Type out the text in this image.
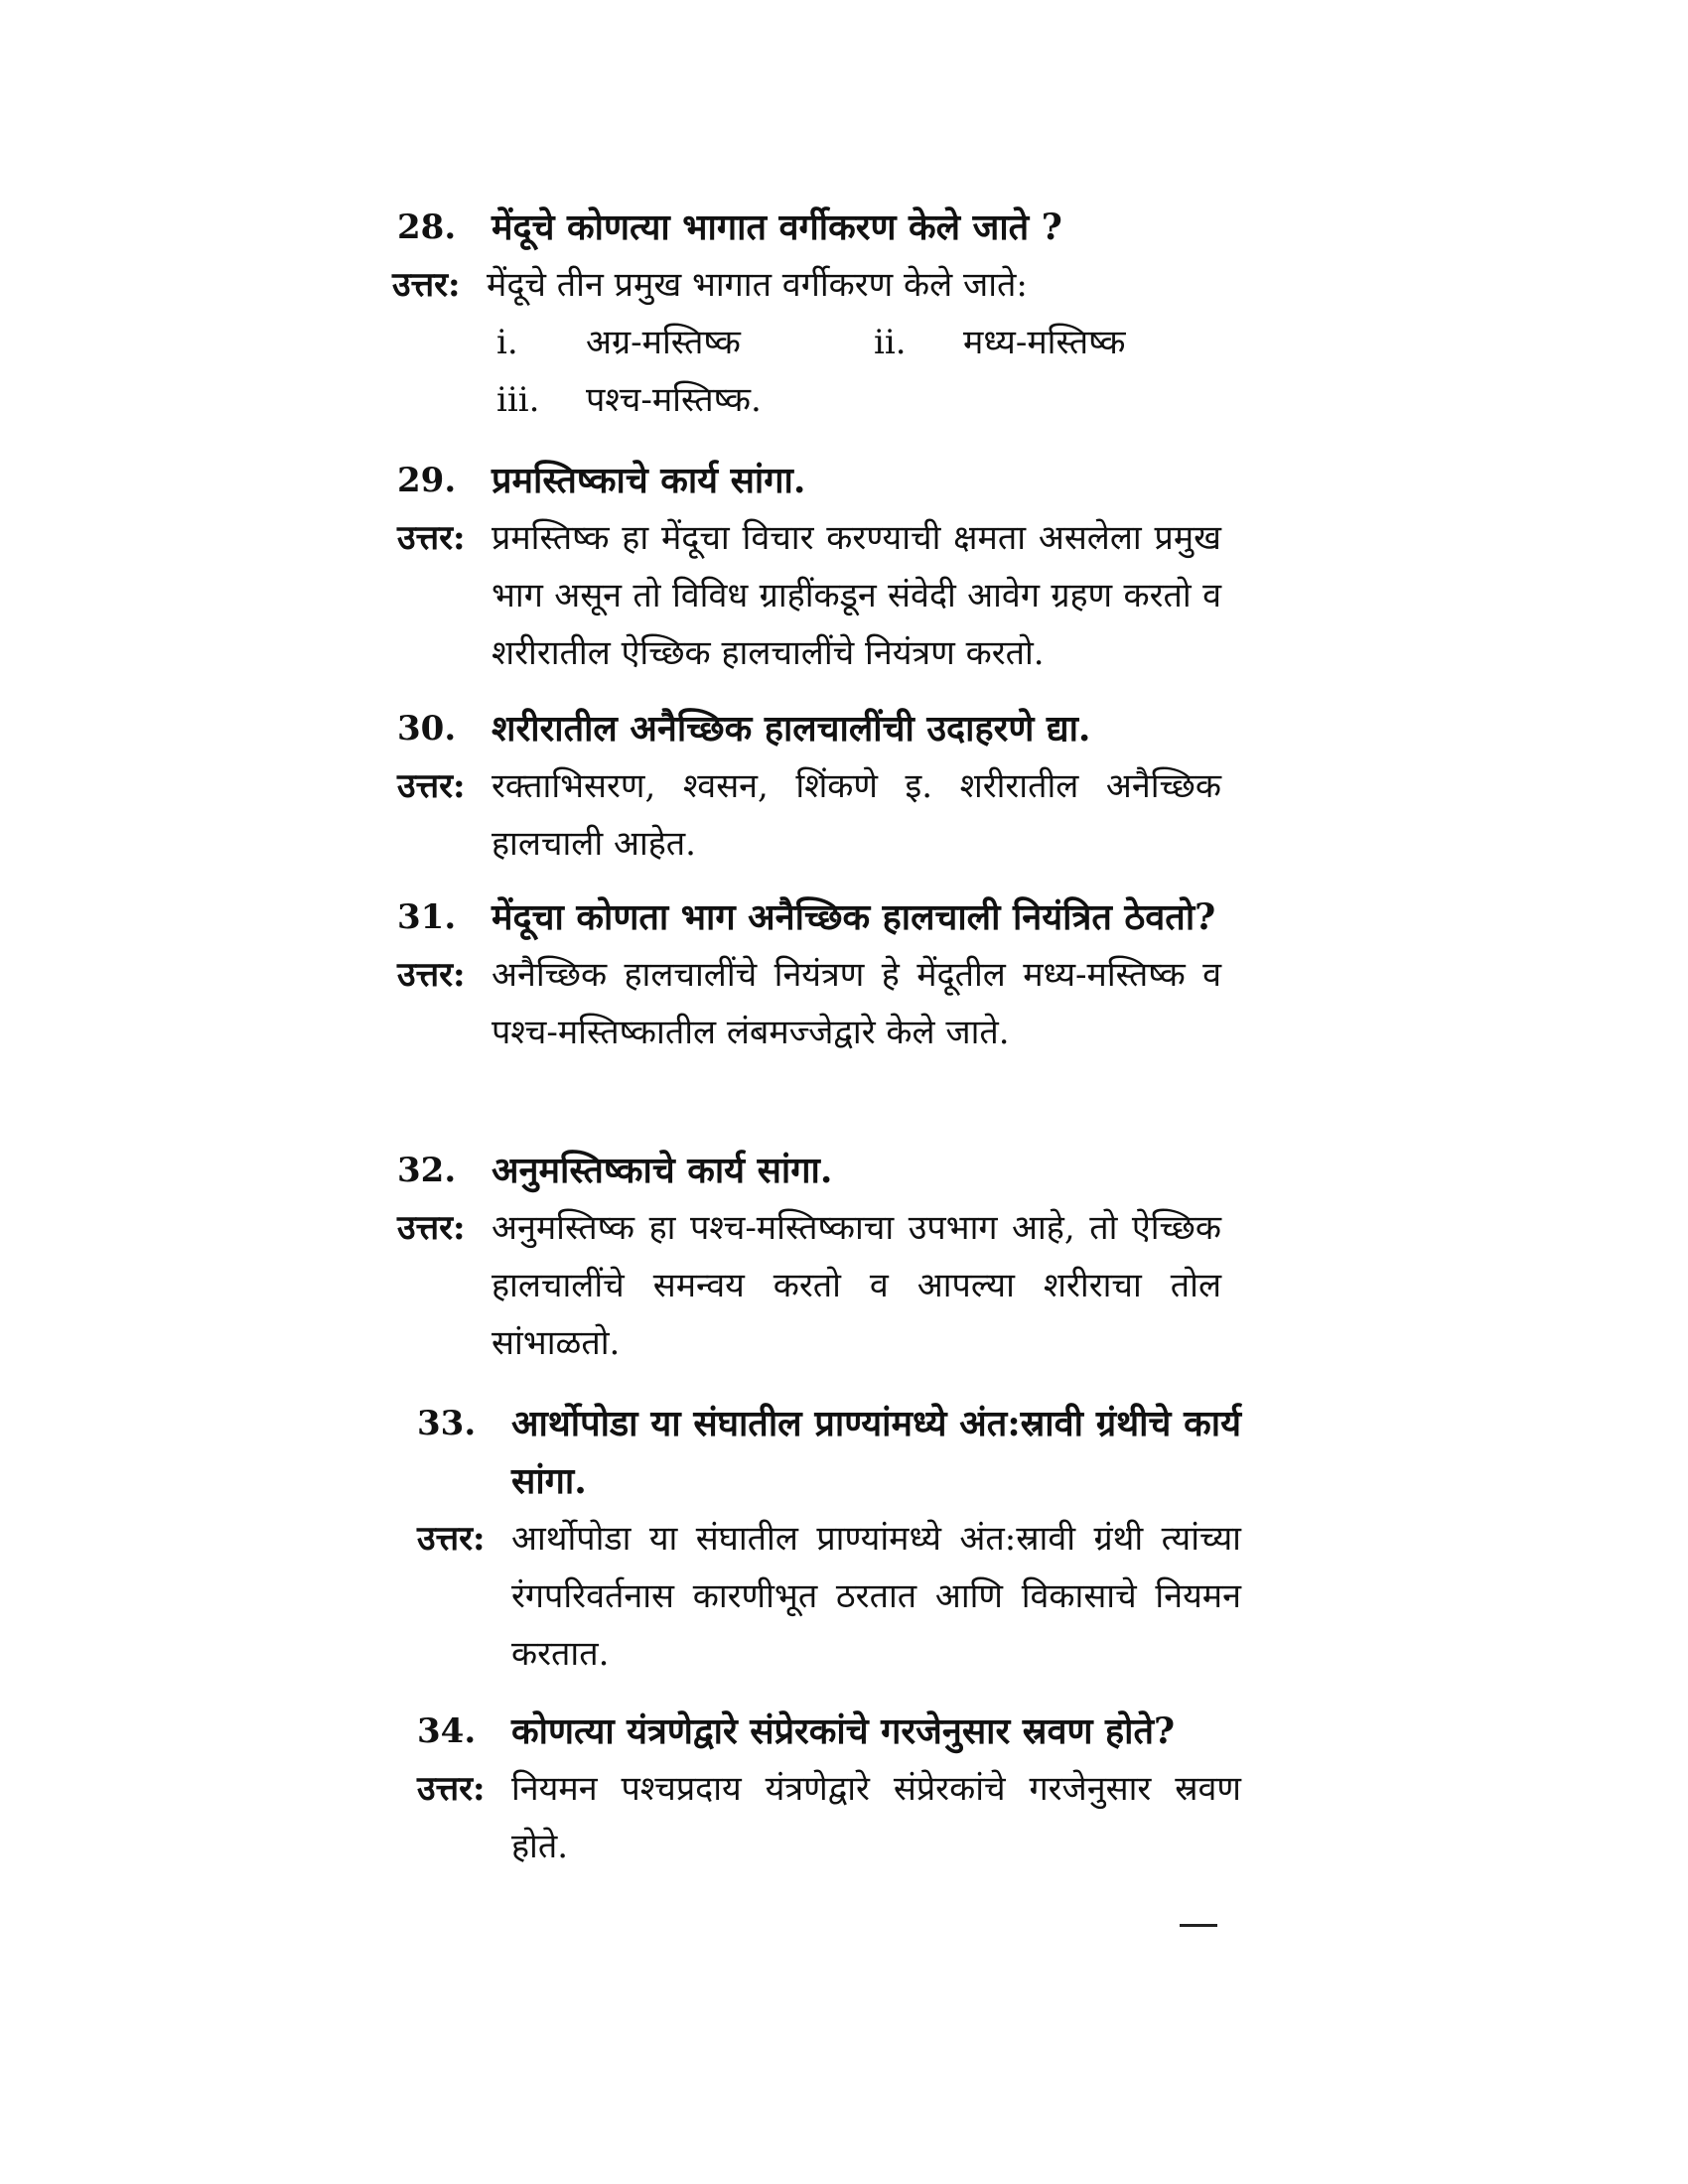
28. मेंदूचे कोणत्या भागात वर्गीकरण केले जाते ?
उत्तर: मेंदूचे तीन प्रमुख भागात वर्गीकरण केले जाते:
i.	अग्र-मस्तिष्क	ii.	मध्य-मस्तिष्क
iii.	पश्च-मस्तिष्क.
29. प्रमस्तिष्काचे कार्य सांगा.
उत्तर: प्रमस्तिष्क हा मेंदूचा विचार करण्याची क्षमता असलेला प्रमुख भाग असून तो विविध ग्राहींकडून संवेदी आवेग ग्रहण करतो व शरीरातील ऐच्छिक हालचालींचे नियंत्रण करतो.
30. शरीरातील अनैच्छिक हालचालींची उदाहरणे द्या.
उत्तर: रक्ताभिसरण, श्वसन, शिंकणे इ. शरीरातील अनैच्छिक हालचाली आहेत.
31. मेंदूचा कोणता भाग अनैच्छिक हालचाली नियंत्रित ठेवतो?
उत्तर: अनैच्छिक हालचालींचे नियंत्रण हे मेंदूतील मध्य-मस्तिष्क व पश्च-मस्तिष्कातील लंबमज्जेद्वारे केले जाते.
32. अनुमस्तिष्काचे कार्य सांगा.
उत्तर: अनुमस्तिष्क हा पश्च-मस्तिष्काचा उपभाग आहे, तो ऐच्छिक हालचालींचे समन्वय करतो व आपल्या शरीराचा तोल सांभाळतो.
33. आर्थोपोडा या संघातील प्राण्यांमध्ये अंत:स्रावी ग्रंथीचे कार्य सांगा.
उत्तर: आर्थोपोडा या संघातील प्राण्यांमध्ये अंत:स्रावी ग्रंथी त्यांच्या रंगपरिवर्तनास कारणीभूत ठरतात आणि विकासाचे नियमन करतात.
34. कोणत्या यंत्रणेद्वारे संप्रेरकांचे गरजेनुसार स्रवण होते?
उत्तर: नियमन पश्चप्रदाय यंत्रणेद्वारे संप्रेरकांचे गरजेनुसार स्रवण होते.
